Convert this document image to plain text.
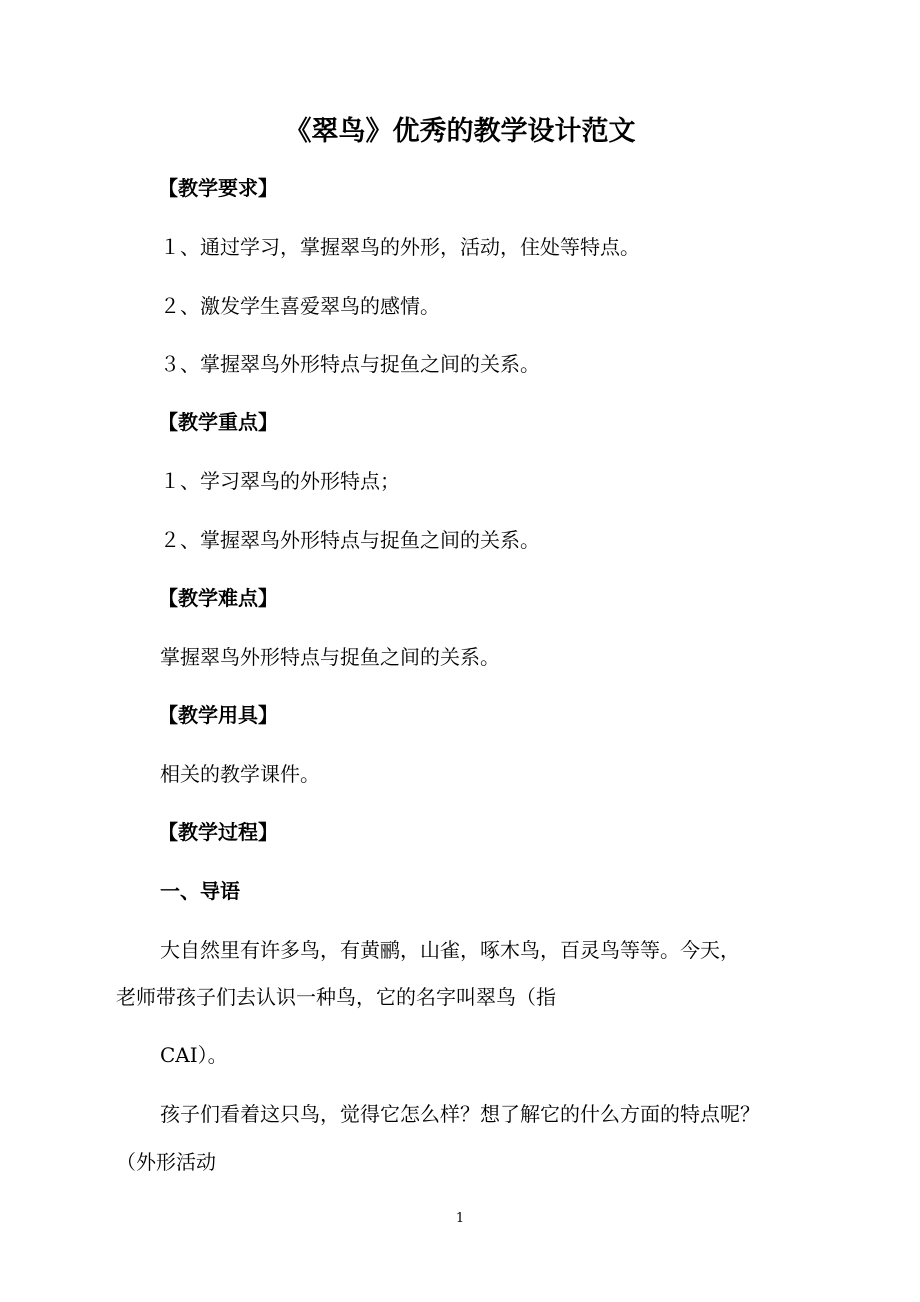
《翠鸟》优秀的教学设计范文
【教学要求】
１、通过学习，掌握翠鸟的外形，活动，住处等特点。
２、激发学生喜爱翠鸟的感情。
３、掌握翠鸟外形特点与捉鱼之间的关系。
【教学重点】
１、学习翠鸟的外形特点；
２、掌握翠鸟外形特点与捉鱼之间的关系。
【教学难点】
掌握翠鸟外形特点与捉鱼之间的关系。
【教学用具】
相关的教学课件。
【教学过程】
一、导语
大自然里有许多鸟，有黄鹂，山雀，啄木鸟，百灵鸟等等。今天，
老师带孩子们去认识一种鸟，它的名字叫翠鸟（指
CAI）。
孩子们看着这只鸟，觉得它怎么样？想了解它的什么方面的特点呢？
（外形活动
1
